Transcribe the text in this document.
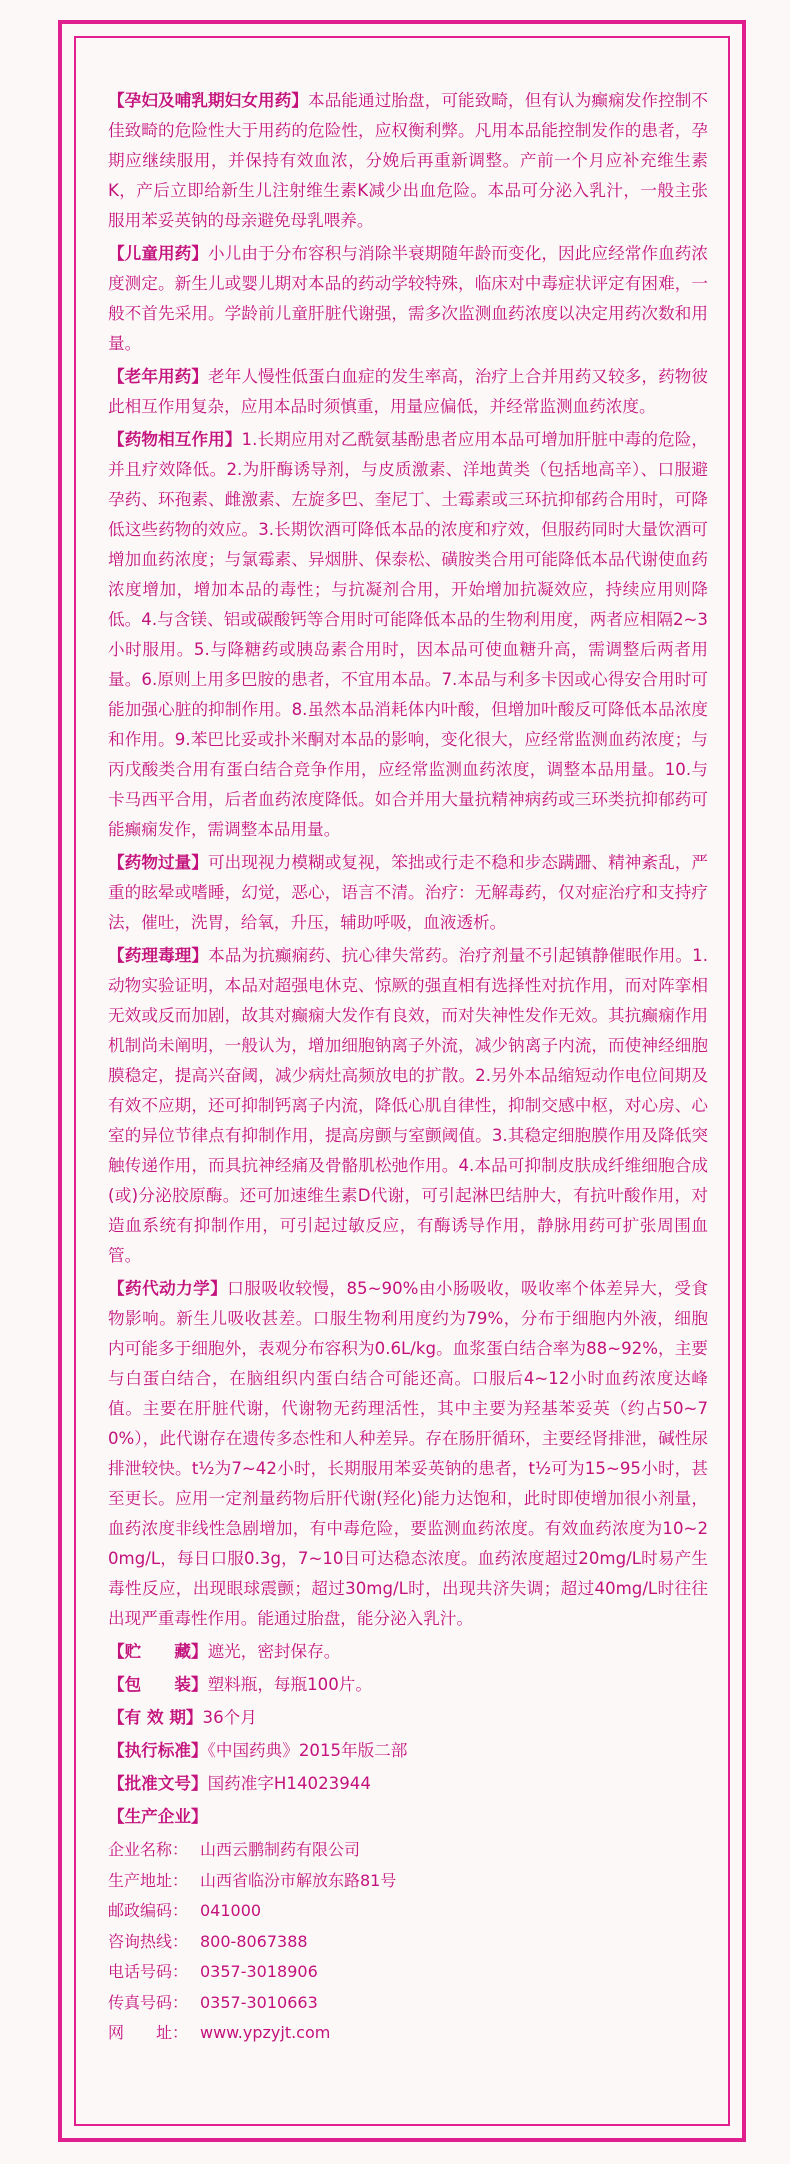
【孕妇及哺乳期妇女用药】本品能通过胎盘，可能致畸，但有认为癫痫发作控制不佳致畸的危险性大于用药的危险性，应权衡利弊。凡用本品能控制发作的患者，孕期应继续服用，并保持有效血浓，分娩后再重新调整。产前一个月应补充维生素K，产后立即给新生儿注射维生素K减少出血危险。本品可分泌入乳汁，一般主张服用苯妥英钠的母亲避免母乳喂养。

【儿童用药】小儿由于分布容积与消除半衰期随年龄而变化，因此应经常作血药浓度测定。新生儿或婴儿期对本品的药动学较特殊，临床对中毒症状评定有困难，一般不首先采用。学龄前儿童肝脏代谢强，需多次监测血药浓度以决定用药次数和用量。

【老年用药】老年人慢性低蛋白血症的发生率高，治疗上合并用药又较多，药物彼此相互作用复杂，应用本品时须慎重，用量应偏低，并经常监测血药浓度。

【药物相互作用】1.长期应用对乙酰氨基酚患者应用本品可增加肝脏中毒的危险，并且疗效降低。2.为肝酶诱导剂，与皮质激素、洋地黄类（包括地高辛）、口服避孕药、环孢素、雌激素、左旋多巴、奎尼丁、土霉素或三环抗抑郁药合用时，可降低这些药物的效应。3.长期饮酒可降低本品的浓度和疗效，但服药同时大量饮酒可增加血药浓度；与氯霉素、异烟肼、保泰松、磺胺类合用可能降低本品代谢使血药浓度增加，增加本品的毒性；与抗凝剂合用，开始增加抗凝效应，持续应用则降低。4.与含镁、铝或碳酸钙等合用时可能降低本品的生物利用度，两者应相隔2~3小时服用。5.与降糖药或胰岛素合用时，因本品可使血糖升高，需调整后两者用量。6.原则上用多巴胺的患者，不宜用本品。7.本品与利多卡因或心得安合用时可能加强心脏的抑制作用。8.虽然本品消耗体内叶酸，但增加叶酸反可降低本品浓度和作用。9.苯巴比妥或扑米酮对本品的影响，变化很大，应经常监测血药浓度；与丙戊酸类合用有蛋白结合竞争作用，应经常监测血药浓度，调整本品用量。10.与卡马西平合用，后者血药浓度降低。如合并用大量抗精神病药或三环类抗抑郁药可能癫痫发作，需调整本品用量。

【药物过量】可出现视力模糊或复视，笨拙或行走不稳和步态蹒跚、精神紊乱，严重的眩晕或嗜睡，幻觉，恶心，语言不清。治疗：无解毒药，仅对症治疗和支持疗法，催吐，洗胃，给氧，升压，辅助呼吸，血液透析。

【药理毒理】本品为抗癫痫药、抗心律失常药。治疗剂量不引起镇静催眠作用。1.动物实验证明，本品对超强电休克、惊厥的强直相有选择性对抗作用，而对阵挛相无效或反而加剧，故其对癫痫大发作有良效，而对失神性发作无效。其抗癫痫作用机制尚未阐明，一般认为，增加细胞钠离子外流，减少钠离子内流，而使神经细胞膜稳定，提高兴奋阈，减少病灶高频放电的扩散。2.另外本品缩短动作电位间期及有效不应期，还可抑制钙离子内流，降低心肌自律性，抑制交感中枢，对心房、心室的异位节律点有抑制作用，提高房颤与室颤阈值。3.其稳定细胞膜作用及降低突触传递作用，而具抗神经痛及骨骼肌松弛作用。4.本品可抑制皮肤成纤维细胞合成(或)分泌胶原酶。还可加速维生素D代谢，可引起淋巴结肿大，有抗叶酸作用，对造血系统有抑制作用，可引起过敏反应，有酶诱导作用，静脉用药可扩张周围血管。

【药代动力学】口服吸收较慢，85~90%由小肠吸收，吸收率个体差异大，受食物影响。新生儿吸收甚差。口服生物利用度约为79%，分布于细胞内外液，细胞内可能多于细胞外，表观分布容积为0.6L/kg。血浆蛋白结合率为88~92%，主要与白蛋白结合，在脑组织内蛋白结合可能还高。口服后4~12小时血药浓度达峰值。主要在肝脏代谢，代谢物无药理活性，其中主要为羟基苯妥英（约占50~70%），此代谢存在遗传多态性和人种差异。存在肠肝循环，主要经肾排泄，碱性尿排泄较快。t½为7~42小时，长期服用苯妥英钠的患者，t½可为15~95小时，甚至更长。应用一定剂量药物后肝代谢(羟化)能力达饱和，此时即使增加很小剂量，血药浓度非线性急剧增加，有中毒危险，要监测血药浓度。有效血药浓度为10~20mg/L，每日口服0.3g，7~10日可达稳态浓度。血药浓度超过20mg/L时易产生毒性反应，出现眼球震颤；超过30mg/L时，出现共济失调；超过40mg/L时往往出现严重毒性作用。能通过胎盘，能分泌入乳汁。

【贮　　藏】遮光，密封保存。
【包　　装】塑料瓶，每瓶100片。
【有 效 期】36个月
【执行标准】《中国药典》2015年版二部
【批准文号】国药准字H14023944
【生产企业】
企业名称： 山西云鹏制药有限公司
生产地址： 山西省临汾市解放东路81号
邮政编码： 041000
咨询热线： 800-8067388
电话号码： 0357-3018906
传真号码： 0357-3010663
网　　址： www.ypzyjt.com
